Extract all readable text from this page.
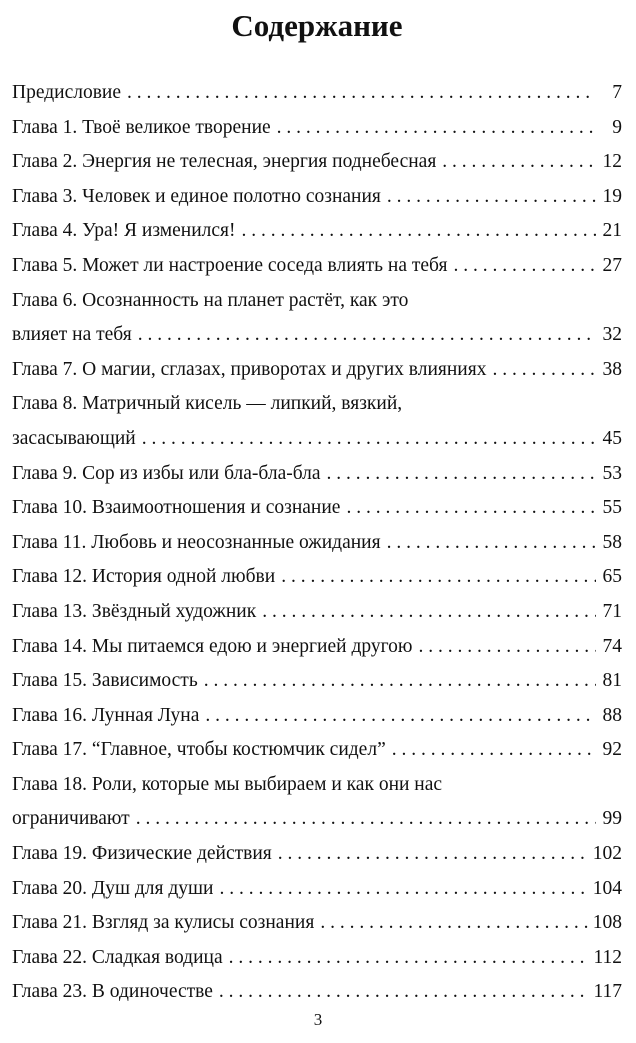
Содержание
Предисловие . . .	7
Глава 1. Твоё великое творение . . .	9
Глава 2. Энергия не телесная, энергия поднебесная . . .	12
Глава 3. Человек и единое полотно сознания . . .	19
Глава 4. Ура! Я изменился! . . .	21
Глава 5. Может ли настроение соседа влиять на тебя . . .	27
Глава 6. Осознанность на планет растёт, как это
влияет на тебя . . .	32
Глава 7. О магии, сглазах, приворотах и других влияниях . . .	38
Глава 8. Матричный кисель — липкий, вязкий,
засасывающий . . .	45
Глава 9. Сор из избы или бла-бла-бла . . .	53
Глава 10. Взаимоотношения и сознание . . .	55
Глава 11. Любовь и неосознанные ожидания . . .	58
Глава 12. История одной любви . . .	65
Глава 13. Звёздный художник . . .	71
Глава 14. Мы питаемся едою и энергией другою . . .	74
Глава 15. Зависимость . . .	81
Глава 16. Лунная Луна . . .	88
Глава 17. “Главное, чтобы костюмчик сидел” . . .	92
Глава 18. Роли, которые мы выбираем и как они нас
ограничивают . . .	99
Глава 19. Физические действия . . .	102
Глава 20. Душ для души . . .	104
Глава 21. Взгляд за кулисы сознания . . .	108
Глава 22. Сладкая водица . . .	112
Глава 23. В одиночестве . . .	117
3
